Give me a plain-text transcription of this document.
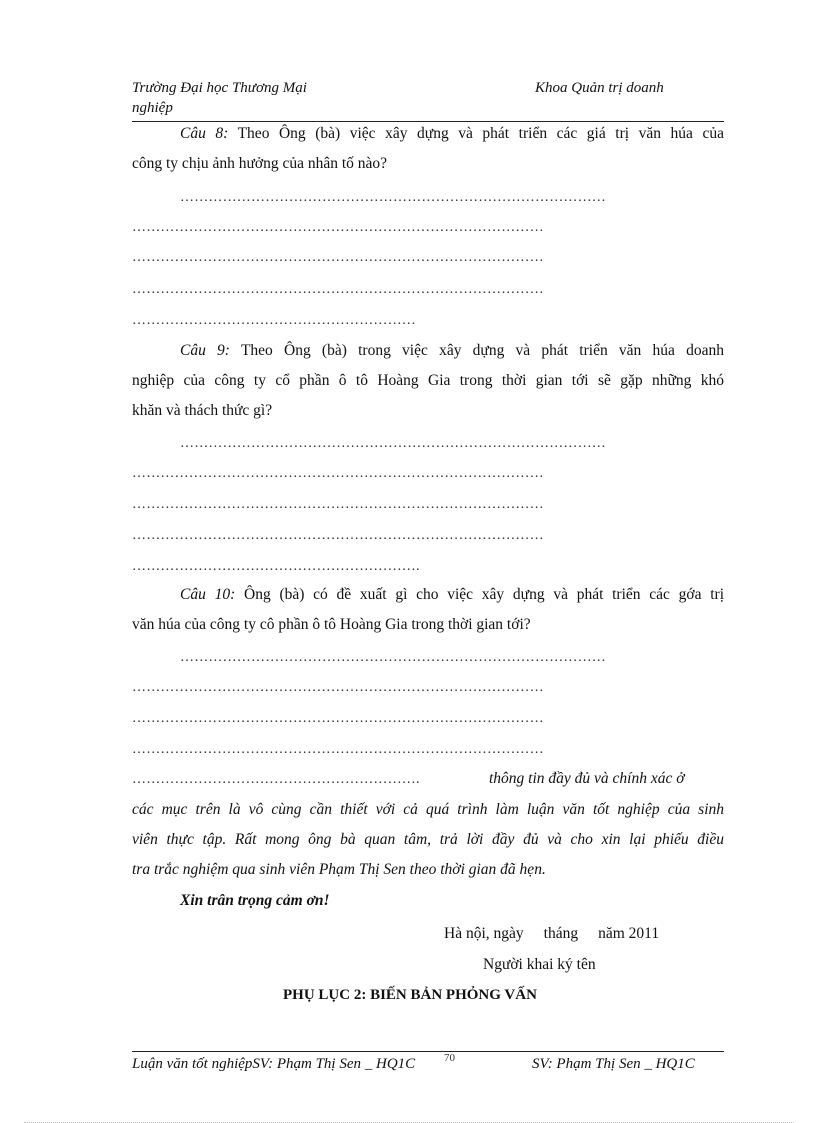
Trường Đại học Thương Mại	Khoa Quản trị doanh
nghiệp
Câu 8: Theo Ông (bà) việc xây dựng và phát triển các giá trị văn húa của
công ty chịu ảnh hưởng của nhân tố nào?
………………………………………………………………………………
……………………………………………………………………………
……………………………………………………………………………
……………………………………………………………………………
……………………………………………………
Câu 9: Theo Ông (bà) trong việc xây dựng và phát triển văn húa doanh
nghiệp của công ty cổ phần ô tô Hoàng Gia trong thời gian tới sẽ gặp những khó
khăn và thách thức gì?
………………………………………………………………………………
……………………………………………………………………………
……………………………………………………………………………
……………………………………………………………………………
…………………………………………………….
Câu 10: Ông (bà) có đề xuất gì cho việc xây dựng và phát triển các gớa trị
văn húa của công ty cô phần ô tô Hoàng Gia trong thời gian tới?
………………………………………………………………………………
……………………………………………………………………………
……………………………………………………………………………
……………………………………………………………………………
…………………………………………………….	thông tin đầy đủ và chính xác ở
các mục trên là vô cùng cần thiết với cả quá trình làm luận văn tốt nghiệp của sinh
viên thực tập. Rất mong ông bà quan tâm, trả lời đầy đủ và cho xin lại phiếu điều
tra trắc nghiệm qua sinh viên Phạm Thị Sen theo thời gian đã hẹn.
Xin trân trọng cảm ơn!
Hà nội, ngày tháng năm 2011
Người khai ký tên
PHỤ LỤC 2: BIẾN BẢN PHỎNG VẤN
Luận văn tốt nghiệpSV: Phạm Thị Sen _ HQ1C	SV: Phạm Thị Sen _ HQ1C
70
